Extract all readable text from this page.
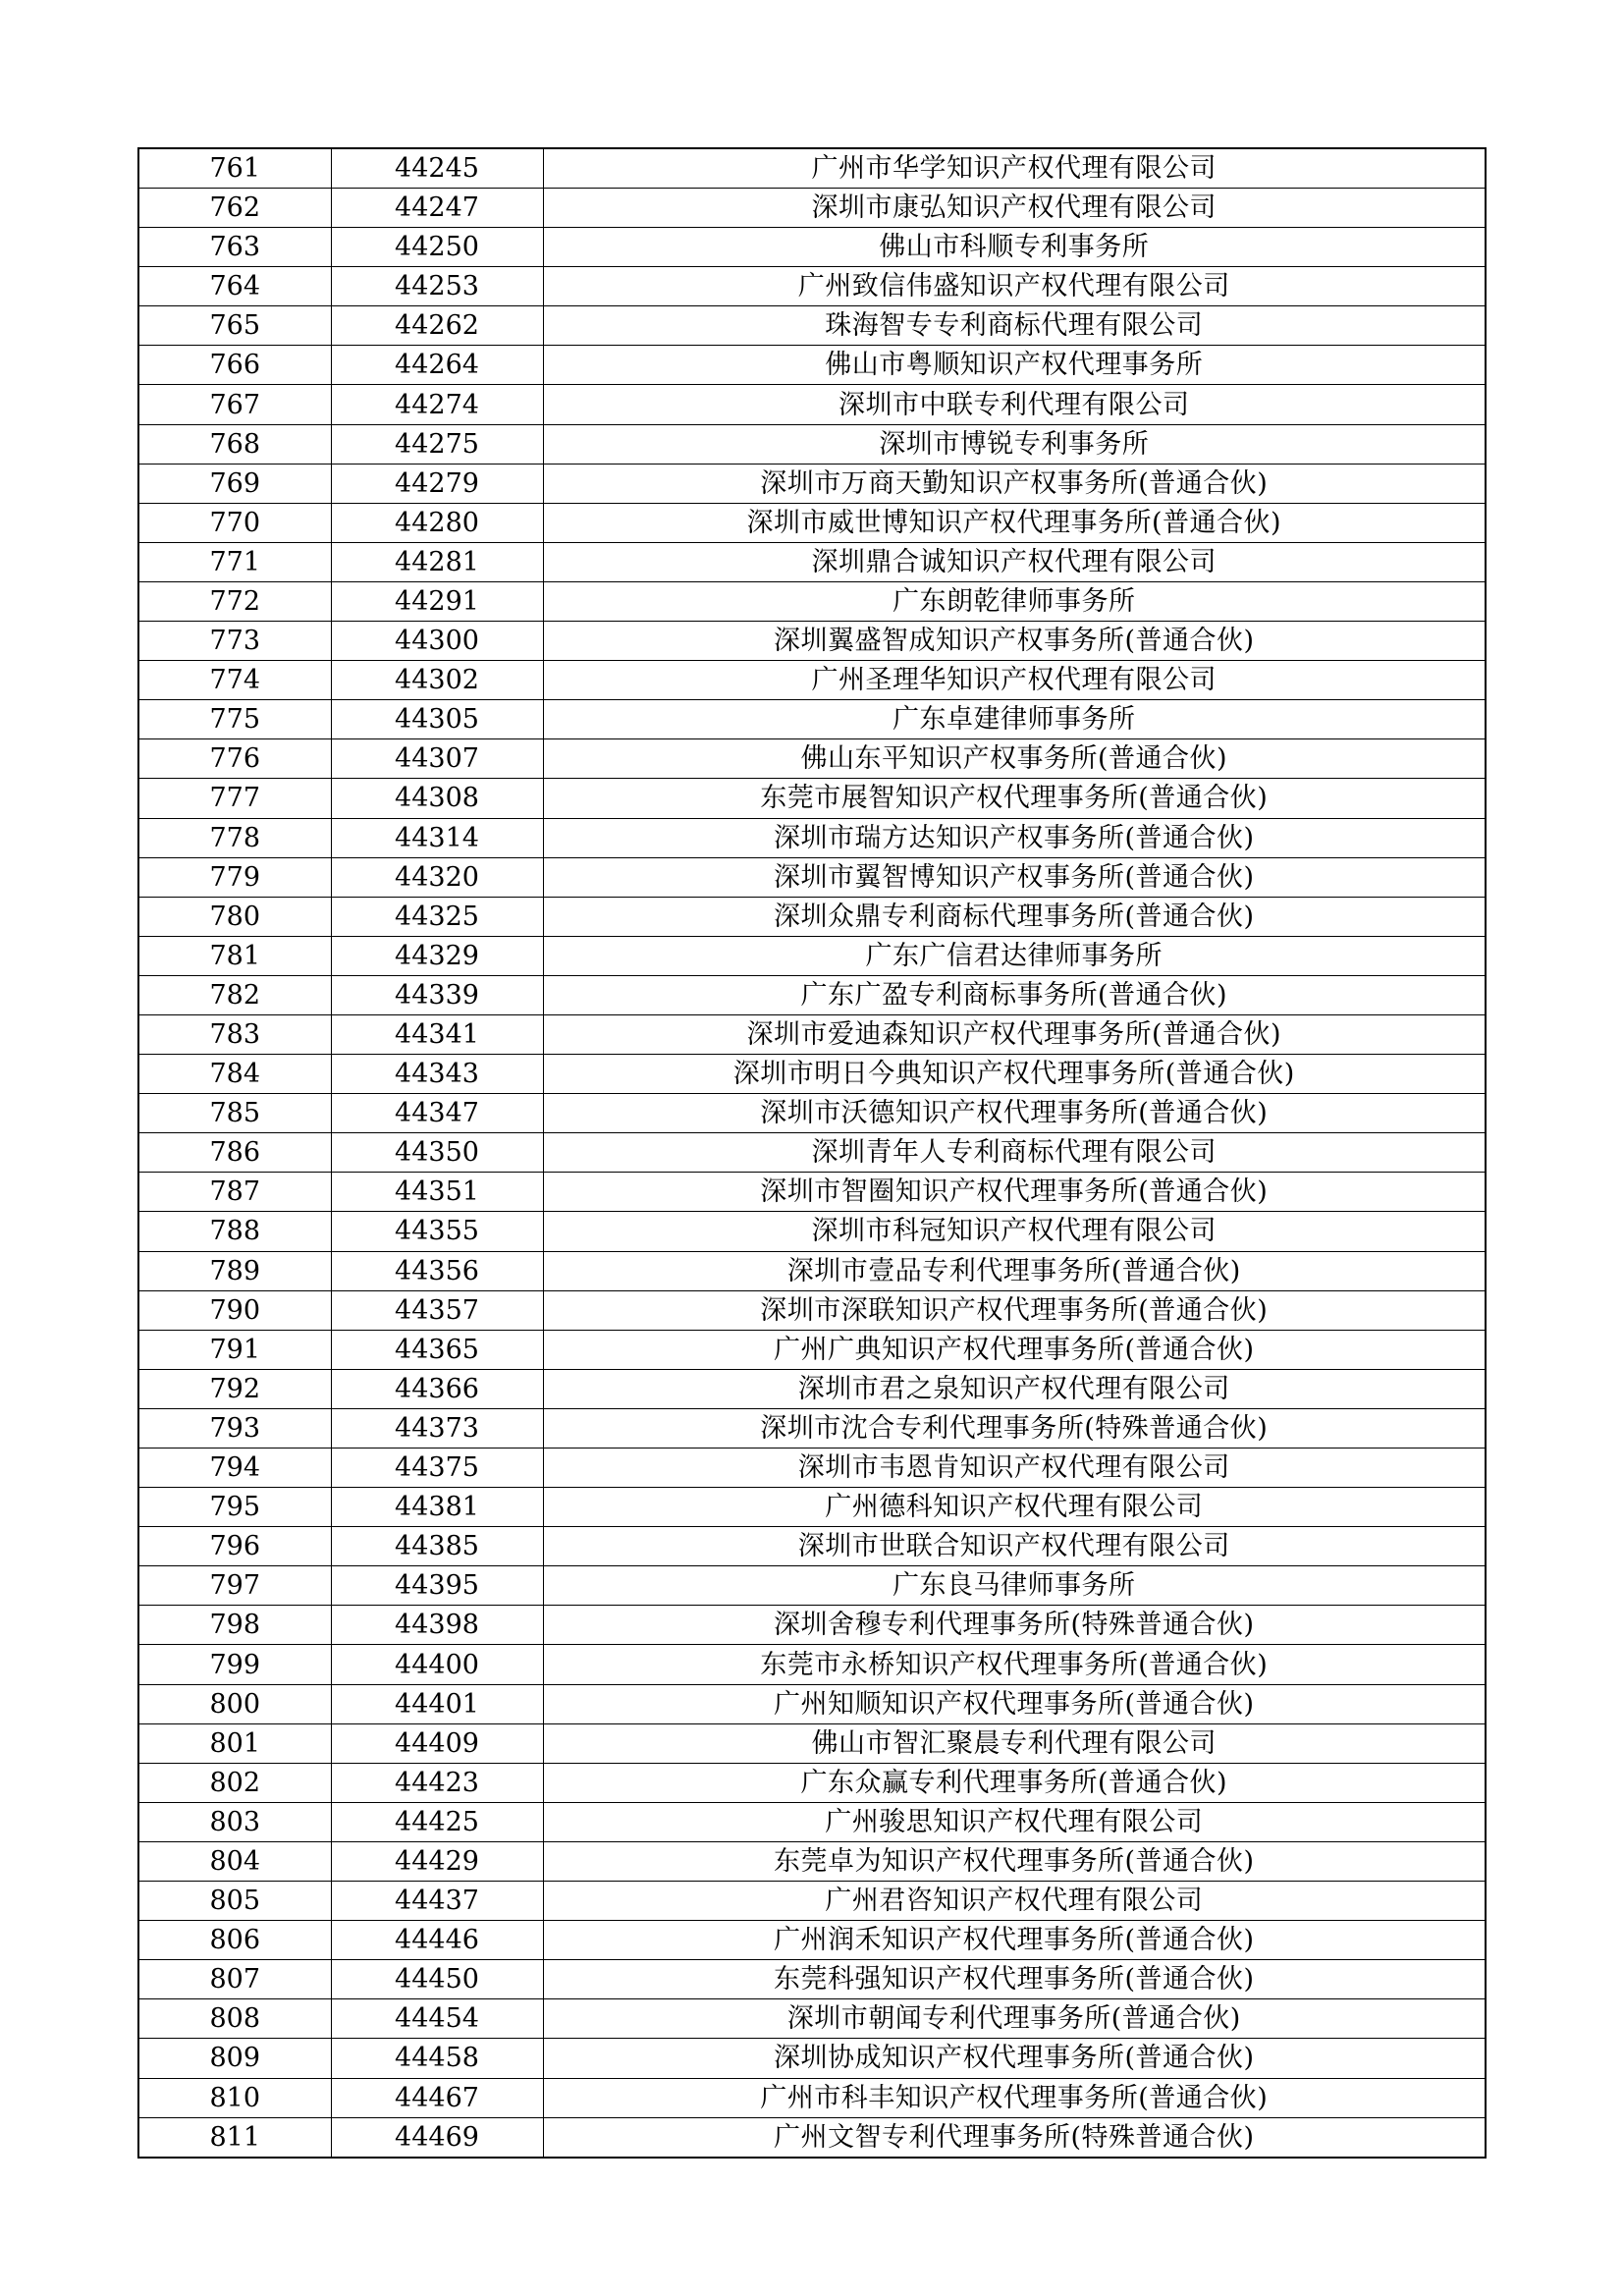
761	44245	广州市华学知识产权代理有限公司
762	44247	深圳市康弘知识产权代理有限公司
763	44250	佛山市科顺专利事务所
764	44253	广州致信伟盛知识产权代理有限公司
765	44262	珠海智专专利商标代理有限公司
766	44264	佛山市粤顺知识产权代理事务所
767	44274	深圳市中联专利代理有限公司
768	44275	深圳市博锐专利事务所
769	44279	深圳市万商天勤知识产权事务所(普通合伙)
770	44280	深圳市威世博知识产权代理事务所(普通合伙)
771	44281	深圳鼎合诚知识产权代理有限公司
772	44291	广东朗乾律师事务所
773	44300	深圳翼盛智成知识产权事务所(普通合伙)
774	44302	广州圣理华知识产权代理有限公司
775	44305	广东卓建律师事务所
776	44307	佛山东平知识产权事务所(普通合伙)
777	44308	东莞市展智知识产权代理事务所(普通合伙)
778	44314	深圳市瑞方达知识产权事务所(普通合伙)
779	44320	深圳市翼智博知识产权事务所(普通合伙)
780	44325	深圳众鼎专利商标代理事务所(普通合伙)
781	44329	广东广信君达律师事务所
782	44339	广东广盈专利商标事务所(普通合伙)
783	44341	深圳市爱迪森知识产权代理事务所(普通合伙)
784	44343	深圳市明日今典知识产权代理事务所(普通合伙)
785	44347	深圳市沃德知识产权代理事务所(普通合伙)
786	44350	深圳青年人专利商标代理有限公司
787	44351	深圳市智圈知识产权代理事务所(普通合伙)
788	44355	深圳市科冠知识产权代理有限公司
789	44356	深圳市壹品专利代理事务所(普通合伙)
790	44357	深圳市深联知识产权代理事务所(普通合伙)
791	44365	广州广典知识产权代理事务所(普通合伙)
792	44366	深圳市君之泉知识产权代理有限公司
793	44373	深圳市沈合专利代理事务所(特殊普通合伙)
794	44375	深圳市韦恩肯知识产权代理有限公司
795	44381	广州德科知识产权代理有限公司
796	44385	深圳市世联合知识产权代理有限公司
797	44395	广东良马律师事务所
798	44398	深圳舍穆专利代理事务所(特殊普通合伙)
799	44400	东莞市永桥知识产权代理事务所(普通合伙)
800	44401	广州知顺知识产权代理事务所(普通合伙)
801	44409	佛山市智汇聚晨专利代理有限公司
802	44423	广东众赢专利代理事务所(普通合伙)
803	44425	广州骏思知识产权代理有限公司
804	44429	东莞卓为知识产权代理事务所(普通合伙)
805	44437	广州君咨知识产权代理有限公司
806	44446	广州润禾知识产权代理事务所(普通合伙)
807	44450	东莞科强知识产权代理事务所(普通合伙)
808	44454	深圳市朝闻专利代理事务所(普通合伙)
809	44458	深圳协成知识产权代理事务所(普通合伙)
810	44467	广州市科丰知识产权代理事务所(普通合伙)
811	44469	广州文智专利代理事务所(特殊普通合伙)
